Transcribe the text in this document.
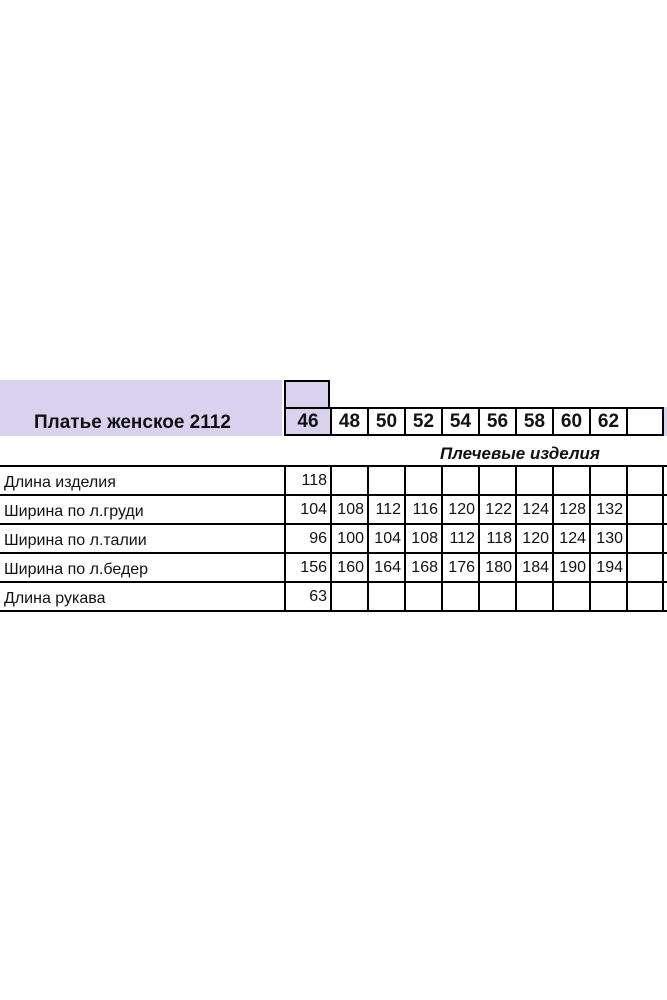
Платье женское 2112	46	48 50 52 54 56 58 60 62
Плечевые изделия
Длина изделия
Ширина по л.груди
Ширина по л.талии
Ширина по л.бедер
Длина рукава
118
104 108 112 116 120 122 124 128 132
96 100 104 108 112 118 120 124 130
156 160 164 168 176 180 184 190 194
63
